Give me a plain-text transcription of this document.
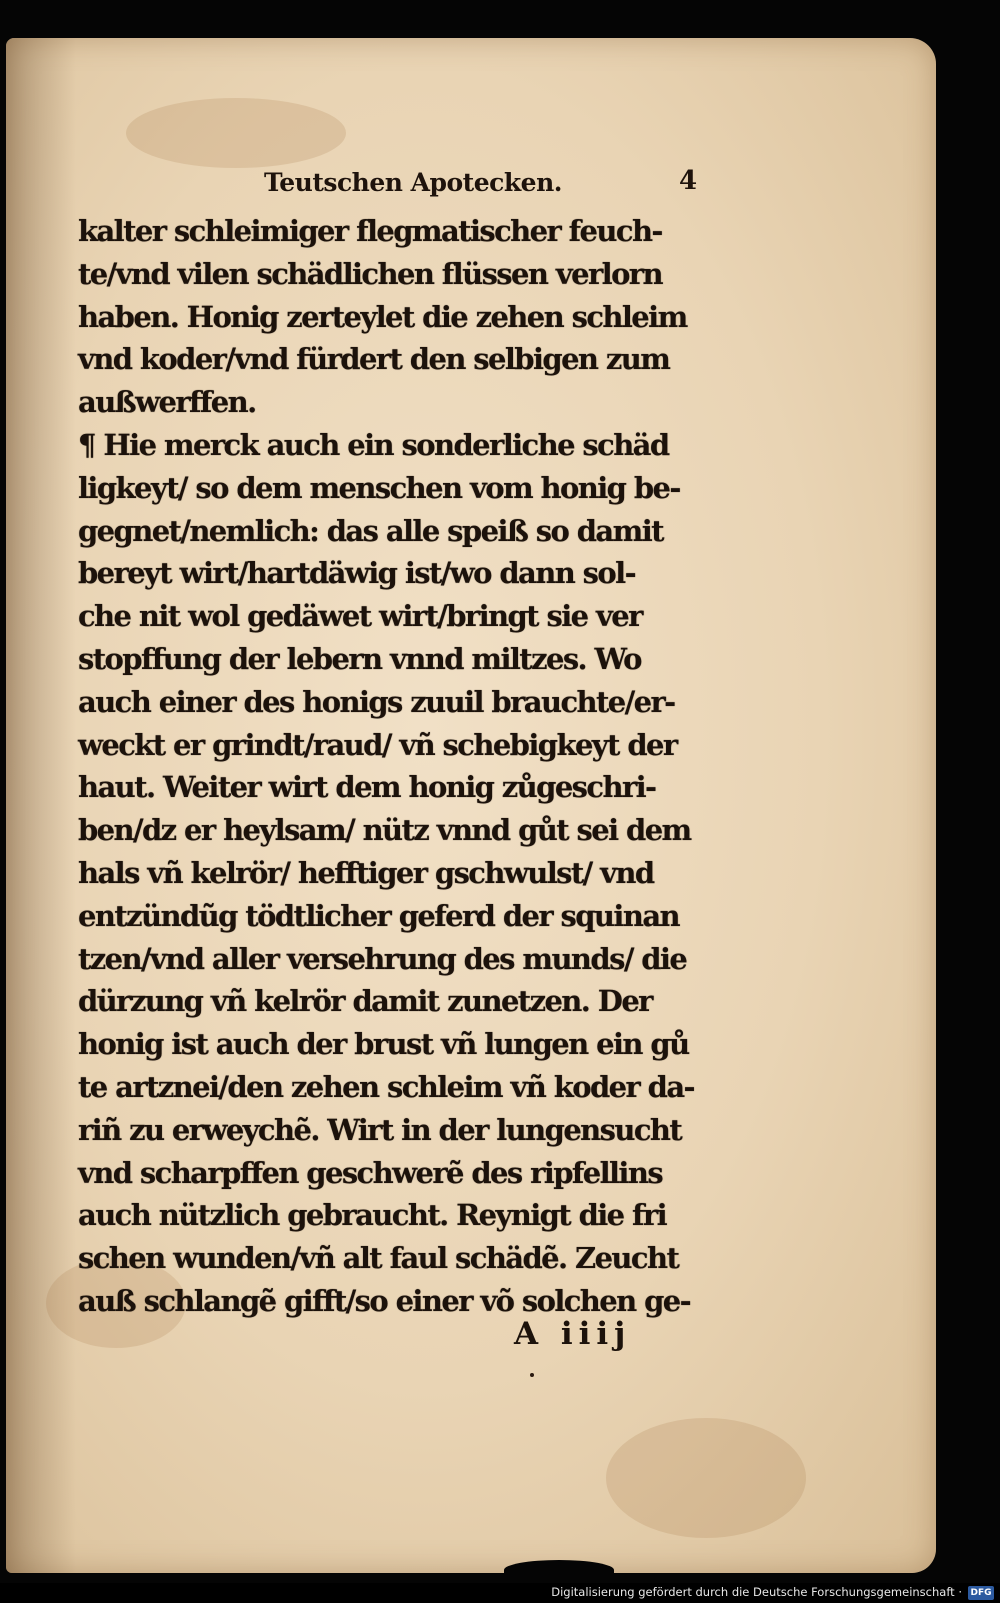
Teutschen Apotecken.	4
kalter schleimiger flegmatischer feuch-
te/vnd vilen schädlichen flüssen verlorn
haben. Honig zerteylet die zehen schleim
vnd koder/vnd fürdert den selbigen zum
außwerffen.
¶ Hie merck auch ein sonderliche schäd
ligkeyt/ so dem menschen vom honig be-
gegnet/nemlich: das alle speiß so damit
bereyt wirt/hartdäwig ist/wo dann sol-
che nit wol gedäwet wirt/bringt sie ver
stopffung der lebern vnnd miltzes. Wo
auch einer des honigs zuuil brauchte/er-
weckt er grindt/raud/ vñ schebigkeyt der
haut. Weiter wirt dem honig zůgeschri-
ben/dz er heylsam/ nütz vnnd gůt sei dem
hals vñ kelrör/ hefftiger gschwulst/ vnd
entzündũg tödtlicher geferd der squinan
tzen/vnd aller versehrung des munds/ die
dürzung vñ kelrör damit zunetzen. Der
honig ist auch der brust vñ lungen ein gů
te artznei/den zehen schleim vñ koder da-
riñ zu erweychẽ. Wirt in der lungensucht
vnd scharpffen geschwerẽ des ripfellins
auch nützlich gebraucht. Reynigt die fri
schen wunden/vñ alt faul schädẽ. Zeucht
auß schlangẽ gifft/so einer võ solchen ge-
A iiij
Digitalisierung gefördert durch die Deutsche Forschungsgemeinschaft · DFG
